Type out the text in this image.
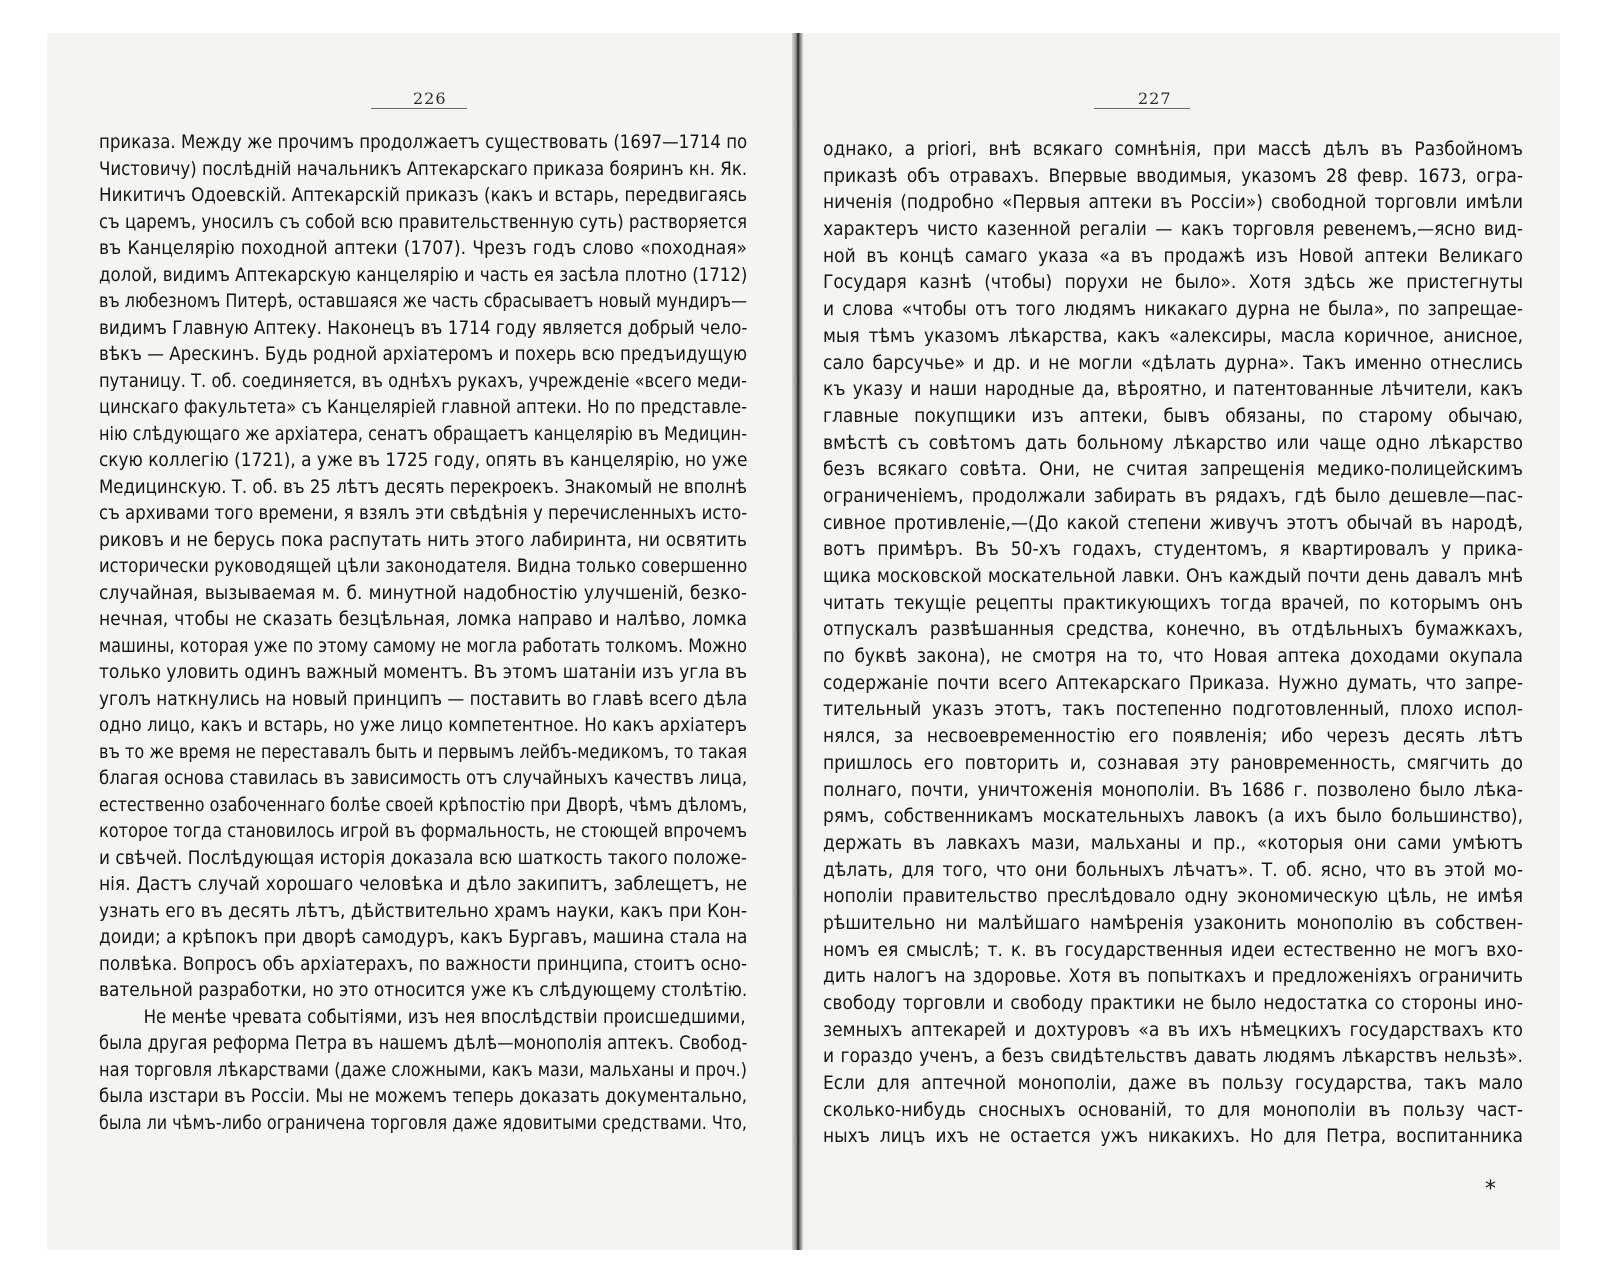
226
приказа. Между же прочимъ продолжаетъ существовать (1697—1714 по
Чистовичу) послѣднiй начальникъ Аптекарскаго приказа бояринъ кн. Як.
Никитичъ Одоевскiй. Аптекарскiй приказъ (какъ и встарь, передвигаясь
съ царемъ, уносилъ съ собой всю правительственную суть) растворяется
въ Канцелярiю походной аптеки (1707). Чрезъ годъ слово «походная»
долой, видимъ Аптекарскую канцелярiю и часть ея засѣла плотно (1712)
въ любезномъ Питерѣ, оставшаяся же часть сбрасываетъ новый мундиръ—
видимъ Главную Аптеку. Наконецъ въ 1714 году является добрый чело-
вѣкъ — Арескинъ. Будь родной архiатеромъ и похерь всю предъидущую
путаницу. Т. об. соединяется, въ однѣхъ рукахъ, учрежденiе «всего меди-
цинскаго факультета» съ Канцелярiей главной аптеки. Но по представле-
нiю слѣдующаго же архiатера, сенатъ обращаетъ канцелярiю въ Медицин-
скую коллегiю (1721), а уже въ 1725 году, опять въ канцелярiю, но уже
Медицинскую. Т. об. въ 25 лѣтъ десять перекроекъ. Знакомый не вполнѣ
съ архивами того времени, я взялъ эти свѣдѣнiя у перечисленныхъ исто-
риковъ и не берусь пока распутать нить этого лабиринта, ни освятить
исторически руководящей цѣли законодателя. Видна только совершенно
случайная, вызываемая м. б. минутной надобностiю улучшенiй, безко-
нечная, чтобы не сказать безцѣльная, ломка направо и налѣво, ломка
машины, которая уже по этому самому не могла работать толкомъ. Можно
только уловить одинъ важный моментъ. Въ этомъ шатанiи изъ угла въ
уголъ наткнулись на новый принципъ — поставить во главѣ всего дѣла
одно лицо, какъ и встарь, но уже лицо компетентное. Но какъ архiатеръ
въ то же время не переставалъ быть и первымъ лейбъ-медикомъ, то такая
благая основа ставилась въ зависимость отъ случайныхъ качествъ лица,
естественно озабоченнаго болѣе своей крѣпостiю при Дворѣ, чѣмъ дѣломъ,
которое тогда становилось игрой въ формальность, не стоющей впрочемъ
и свѣчей. Послѣдующая исторiя доказала всю шаткость такого положе-
нiя. Дастъ случай хорошаго человѣка и дѣло закипитъ, заблещетъ, не
узнать его въ десять лѣтъ, дѣйствительно храмъ науки, какъ при Кон-
доиди; а крѣпокъ при дворѣ самодуръ, какъ Бургавъ, машина стала на
полвѣка. Вопросъ объ архiатерахъ, по важности принципа, стоитъ осно-
вательной разработки, но это относится уже къ слѣдующему столѣтiю.
Не менѣе чревата событiями, изъ нея впослѣдствiи происшедшими,
была другая реформа Петра въ нашемъ дѣлѣ—монополiя аптекъ. Свобод-
ная торговля лѣкарствами (даже сложными, какъ мази, мальханы и проч.)
была изстари въ Россiи. Мы не можемъ теперь доказать документально,
была ли чѣмъ-либо ограничена торговля даже ядовитыми средствами. Что,
227
однако, a priori, внѣ всякаго сомнѣнiя, при массѣ дѣлъ въ Разбойномъ
приказѣ объ отравахъ. Впервые вводимыя, указомъ 28 февр. 1673, огра-
ниченiя (подробно «Первыя аптеки въ Россiи») свободной торговли имѣли
характеръ чисто казенной регалiи — какъ торговля ревенемъ,—ясно вид-
ной въ концѣ самаго указа «а въ продажѣ изъ Новой аптеки Великаго
Государя казнѣ (чтобы) порухи не было». Хотя здѣсь же пристегнуты
и слова «чтобы отъ того людямъ никакаго дурна не была», по запрещае-
мыя тѣмъ указомъ лѣкарства, какъ «алексиры, масла коричное, анисное,
сало барсучье» и др. и не могли «дѣлать дурна». Такъ именно отнеслись
къ указу и наши народные да, вѣроятно, и патентованные лѣчители, какъ
главные покупщики изъ аптеки, бывъ обязаны, по старому обычаю,
вмѣстѣ съ совѣтомъ дать больному лѣкарство или чаще одно лѣкарство
безъ всякаго совѣта. Они, не считая запрещенiя медико-полицейскимъ
ограниченiемъ, продолжали забирать въ рядахъ, гдѣ было дешевле—пас-
сивное противленiе,—(До какой степени живучъ этотъ обычай въ народѣ,
вотъ примѣръ. Въ 50-хъ годахъ, студентомъ, я квартировалъ у прика-
щика московской москательной лавки. Онъ каждый почти день давалъ мнѣ
читать текущiе рецепты практикующихъ тогда врачей, по которымъ онъ
отпускалъ развѣшанныя средства, конечно, въ отдѣльныхъ бумажкахъ,
по буквѣ закона), не смотря на то, что Новая аптека доходами окупала
содержанiе почти всего Аптекарскаго Приказа. Нужно думать, что запре-
тительный указъ этотъ, такъ постепенно подготовленный, плохо испол-
нялся, за несвоевременностiю его появленiя; ибо черезъ десять лѣтъ
пришлось его повторить и, сознавая эту рановременность, смягчить до
полнаго, почти, уничтоженiя монополiи. Въ 1686 г. позволено было лѣка-
рямъ, собственникамъ москательныхъ лавокъ (а ихъ было большинство),
держать въ лавкахъ мази, мальханы и пр., «которыя они сами умѣютъ
дѣлать, для того, что они больныхъ лѣчатъ». Т. об. ясно, что въ этой мо-
нополiи правительство преслѣдовало одну экономическую цѣль, не имѣя
рѣшительно ни малѣйшаго намѣренiя узаконить монополiю въ собствен-
номъ ея смыслѣ; т. к. въ государственныя идеи естественно не могъ вхо-
дить налогъ на здоровье. Хотя въ попыткахъ и предложенiяхъ ограничить
свободу торговли и свободу практики не было недостатка со стороны ино-
земныхъ аптекарей и дохтуровъ «а въ ихъ нѣмецкихъ государствахъ кто
и гораздо ученъ, а безъ свидѣтельствъ давать людямъ лѣкарствъ нельзѣ».
Если для аптечной монополiи, даже въ пользу государства, такъ мало
сколько-нибудь сносныхъ основанiй, то для монополiи въ пользу част-
ныхъ лицъ ихъ не остается ужъ никакихъ. Но для Петра, воспитанника
*
